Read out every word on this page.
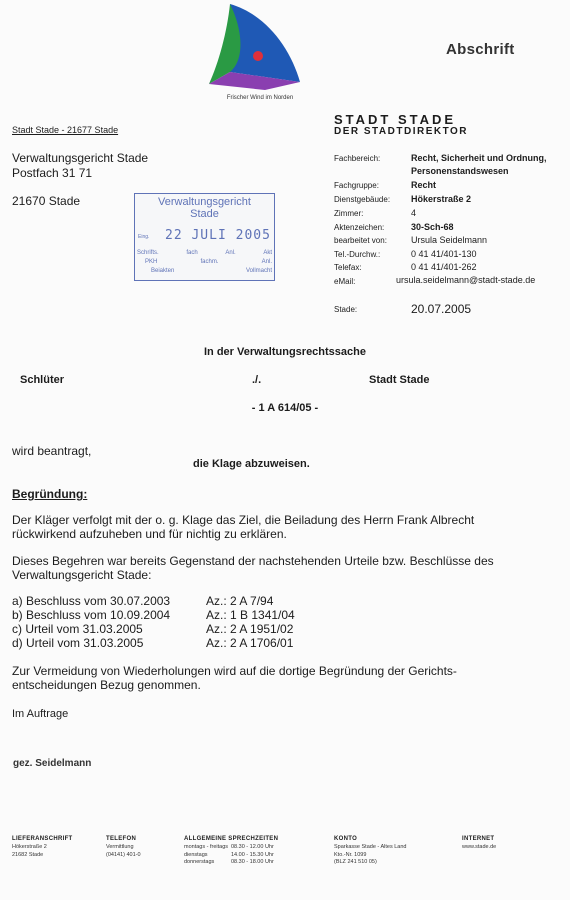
Frischer Wind im Norden
Abschrift
STADT STADE
DER STADTDIREKTOR
Stadt Stade - 21677 Stade
Verwaltungsgericht Stade
Postfach 31 71
21670 Stade	Verwaltungsgericht
Stade
Eing. 22 JULI 2005
Schrifts.	fach	Anl.	Akt
PKH	fachm.	Anl.
Beiakten	Vollmacht
Fachbereich:	Recht, Sicherheit und Ordnung,
Personenstandswesen
Fachgruppe:	Recht
Dienstgebäude: Hökerstraße 2
Zimmer:	4
Aktenzeichen:	30-Sch-68
bearbeitet von:	Ursula Seidelmann
Tel.-Durchw.:	0 41 41/401-130
Telefax:	0 41 41/401-262
eMail:	ursula.seidelmann@stadt-stade.de
Stade:	20.07.2005
In der Verwaltungsrechtssache
Schlüter	./.	Stadt Stade
- 1 A 614/05 -
wird beantragt,
die Klage abzuweisen.
Begründung:
Der Kläger verfolgt mit der o. g. Klage das Ziel, die Beiladung des Herrn Frank Albrecht
rückwirkend aufzuheben und für nichtig zu erklären.
Dieses Begehren war bereits Gegenstand der nachstehenden Urteile bzw. Beschlüsse des
Verwaltungsgericht Stade:
a) Beschluss vom 30.07.2003	Az.: 2 A 7/94
b) Beschluss vom 10.09.2004	Az.: 1 B 1341/04
c) Urteil vom 31.03.2005	Az.: 2 A 1951/02
d) Urteil vom 31.03.2005	Az.: 2 A 1706/01
Zur Vermeidung von Wiederholungen wird auf die dortige Begründung der Gerichts-
entscheidungen Bezug genommen.
Im Auftrage
gez. Seidelmann
LIEFERANSCHRIFT
Hökerstraße 2
21682 Stade
TELEFON
Vermittlung
(04141) 401-0
ALLGEMEINE SPRECHZEITEN
montags - freitags 08.30 - 12.00 Uhr
dienstags	14.00 - 15.30 Uhr
donnerstags	08.30 - 18.00 Uhr
KONTO
Sparkasse Stade - Altes Land
Kto.-Nr. 1099
(BLZ 241 510 05)
INTERNET
www.stade.de
